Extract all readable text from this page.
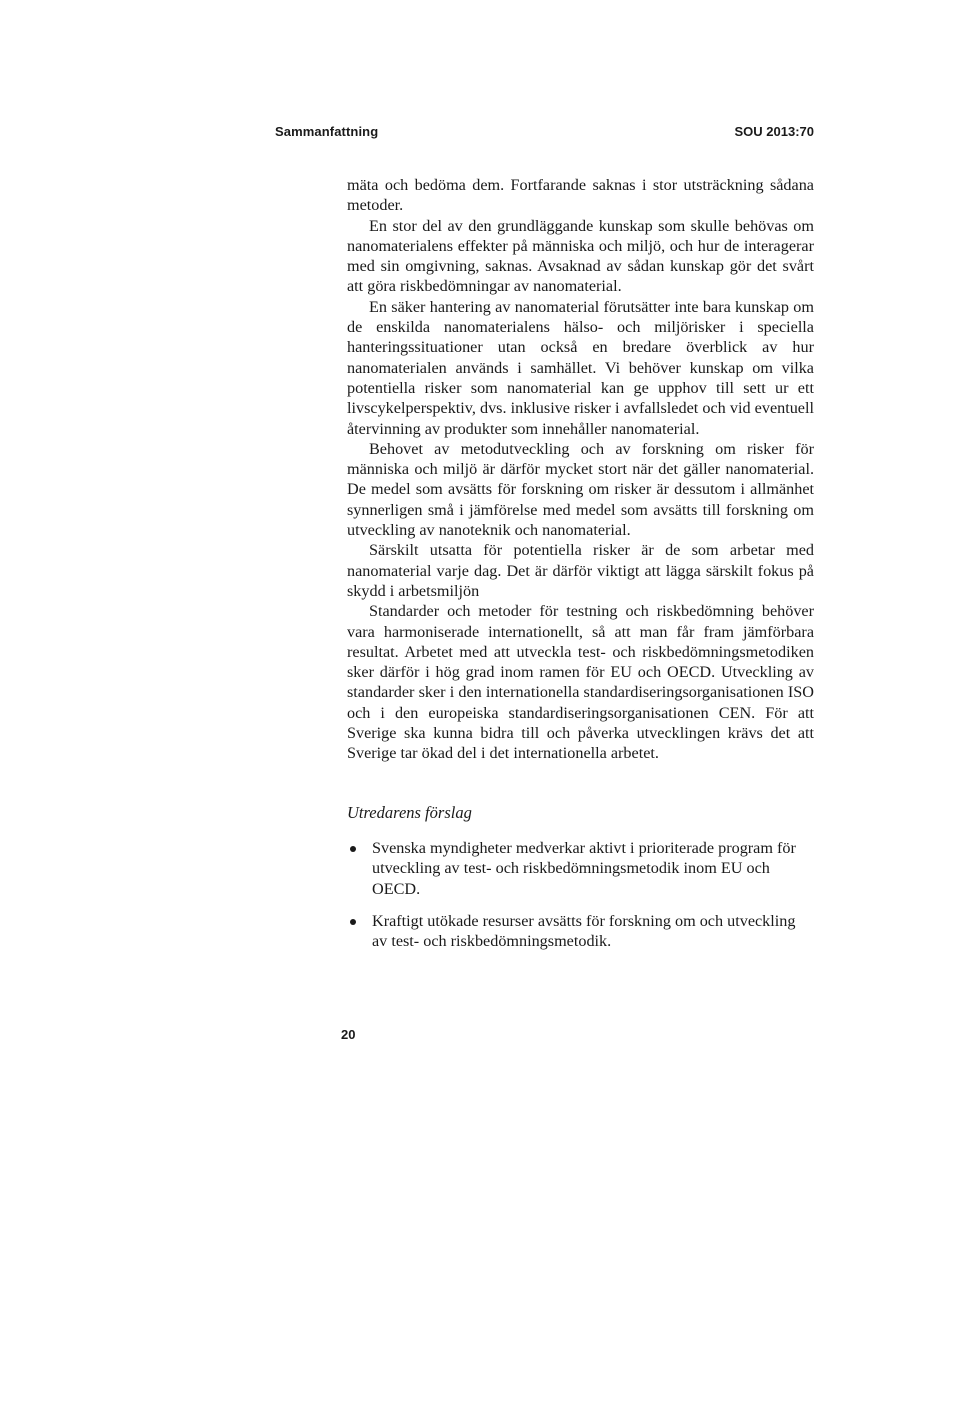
Sammanfattning	SOU 2013:70

mäta och bedöma dem. Fortfarande saknas i stor utsträckning sådana metoder.

En stor del av den grundläggande kunskap som skulle behövas om nanomaterialens effekter på människa och miljö, och hur de interagerar med sin omgivning, saknas. Avsaknad av sådan kunskap gör det svårt att göra riskbedömningar av nanomaterial.

En säker hantering av nanomaterial förutsätter inte bara kunskap om de enskilda nanomaterialens hälso- och miljörisker i speciella hanteringssituationer utan också en bredare överblick av hur nanomaterialen används i samhället. Vi behöver kunskap om vilka potentiella risker som nanomaterial kan ge upphov till sett ur ett livscykelperspektiv, dvs. inklusive risker i avfallsledet och vid eventuell återvinning av produkter som innehåller nanomaterial.

Behovet av metodutveckling och av forskning om risker för människa och miljö är därför mycket stort när det gäller nanomaterial. De medel som avsätts för forskning om risker är dessutom i allmänhet synnerligen små i jämförelse med medel som avsätts till forskning om utveckling av nanoteknik och nanomaterial.

Särskilt utsatta för potentiella risker är de som arbetar med nanomaterial varje dag. Det är därför viktigt att lägga särskilt fokus på skydd i arbetsmiljön

Standarder och metoder för testning och riskbedömning behöver vara harmoniserade internationellt, så att man får fram jämförbara resultat. Arbetet med att utveckla test- och riskbedömningsmetodiken sker därför i hög grad inom ramen för EU och OECD. Utveckling av standarder sker i den internationella standardiseringsorganisationen ISO och i den europeiska standardiseringsorganisationen CEN. För att Sverige ska kunna bidra till och påverka utvecklingen krävs det att Sverige tar ökad del i det internationella arbetet.

Utredarens förslag
Svenska myndigheter medverkar aktivt i prioriterade program för utveckling av test- och riskbedömningsmetodik inom EU och OECD.
Kraftigt utökade resurser avsätts för forskning om och utveckling av test- och riskbedömningsmetodik.
20
